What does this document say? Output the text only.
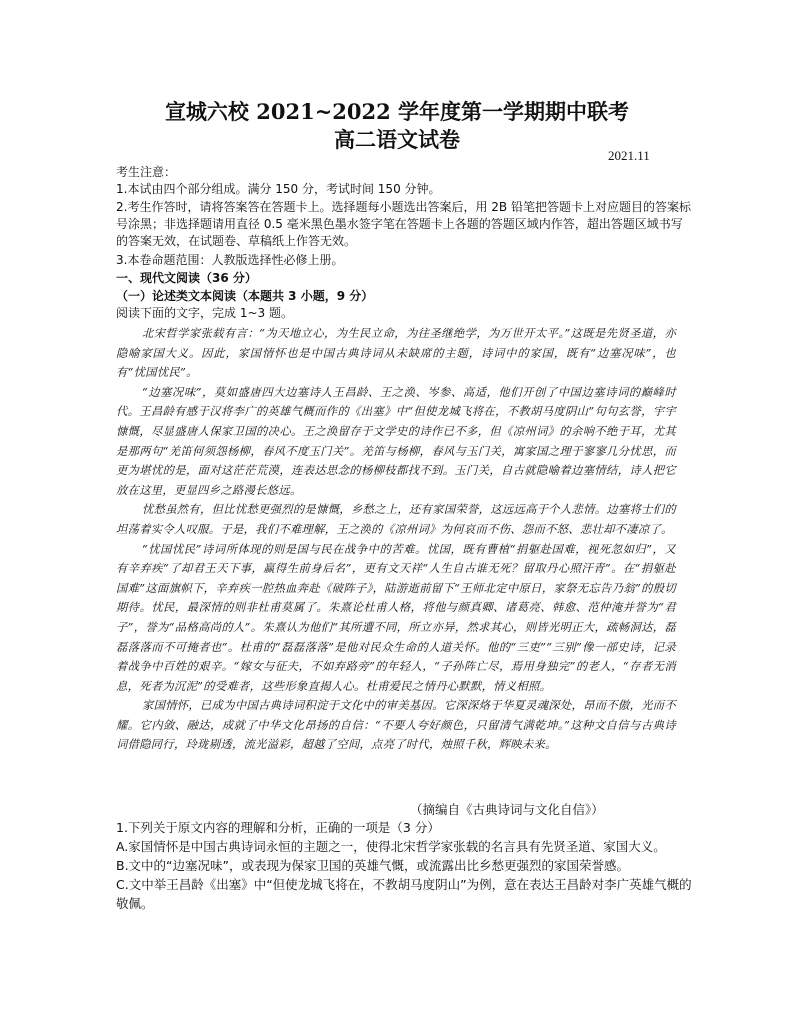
宣城六校 2021~2022 学年度第一学期期中联考
高二语文试卷
2021.11
考生注意：
1.本试由四个部分组成。满分 150 分，考试时间 150 分钟。
2.考生作答时，请将答案答在答题卡上。选择题每小题选出答案后，用 2B 铅笔把答题卡上对应题目的答案标号涂黑；非选择题请用直径 0.5 毫米黑色墨水签字笔在答题卡上各题的答题区域内作答，超出答题区域书写的答案无效，在试题卷、草稿纸上作答无效。
3.本卷命题范围：人教版选择性必修上册。
一、现代文阅读（36 分）
（一）论述类文本阅读（本题共 3 小题，9 分）
阅读下面的文字，完成 1~3 题。

北宋哲学家张载有言：“为天地立心，为生民立命，为往圣继绝学，为万世开太平。”这既是先贤圣道，亦隐喻家国大义。因此，家国情怀也是中国古典诗词从未缺席的主题，诗词中的家国，既有“边塞况味”，也有“忧国忧民”。

“边塞况味”，莫如盛唐四大边塞诗人王昌龄、王之涣、岑参、高适，他们开创了中国边塞诗词的巅峰时代。王昌龄有感于汉将李广的英雄气概而作的《出塞》中“但使龙城飞将在，不教胡马度阴山”句句玄誉，宇宇慷慨，尽显盛唐人保家卫国的决心。王之涣留存于文学史的诗作已不多，但《凉州词》的余响不绝于耳，尤其是那两句“羌笛何须怨杨柳，春风不度玉门关”。羌笛与杨柳，春风与玉门关，寓家国之理于寥寥几分忧思，而更为堪忧的是，面对这茫茫荒漠，连表达思念的杨柳枝都找不到。玉门关，自古就隐喻着边塞情结，诗人把它放在这里，更显四乡之路漫长悠远。

忧愁虽然有，但比忧愁更强烈的是慷慨，乡愁之上，还有家国荣誉，这远远高于个人悲情。边塞将士们的坦荡着实令人叹服。于是，我们不难理解，王之涣的《凉州词》为何哀而不伤、怨而不怒、悲壮却不凄凉了。

“忧国忧民”诗词所体现的则是国与民在战争中的苦难。忧国，既有曹植“捐躯赴国难，视死忽如归”，又有辛弃疾“了却君王天下事，赢得生前身后名”，更有文天祥“人生自古谁无死？留取丹心照汗青”。在“捐躯赴国难”这面旗帜下，辛弃疾一腔热血奔赴《破阵子》，陆游逝前留下“王师北定中原日，家祭无忘告乃翁”的殷切期待。忧民，最深情的则非杜甫莫属了。朱熹论杜甫人格，将他与颜真卿、诸葛亮、韩愈、范仲淹并誉为“君子”，誉为“品格高尚的人”。朱熹认为他们“其所遭不同，所立亦异，然求其心，则皆光明正大，疏畅洞达，磊磊落落而不可掩者也”。杜甫的“磊磊落落”是他对民众生命的人道关怀。他的“三吏”“三别”像一部史诗，记录着战争中百姓的艰辛。“嫁女与征夫，不如弃路旁”的年轻人，“子孙阵亡尽，焉用身独完”的老人，“存者无消息，死者为沉泥”的受难者，这些形象直揭人心。杜甫爱民之情丹心默默，情义相照。

家国情怀，已成为中国古典诗词积淀于文化中的审美基因。它深深烙于华夏灵魂深处，昂而不傲，光而不耀。它内敛、融达，成就了中华文化昂扬的自信：“不要人夸好颜色，只留清气满乾坤。”这种文自信与古典诗词借隐同行，玲珑剔透，流光溢彩，超越了空间，点亮了时代，烛照千秋，辉映未来。

（摘编自《古典诗词与文化自信》）
1.下列关于原文内容的理解和分析，正确的一项是（3 分）
A.家国情怀是中国古典诗词永恒的主题之一，使得北宋哲学家张载的名言具有先贤圣道、家国大义。
B.文中的“边塞况味”，或表现为保家卫国的英雄气慨，或流露出比乡愁更强烈的家国荣誉感。
C.文中举王昌龄《出塞》中“但使龙城飞将在，不教胡马度阴山”为例，意在表达王昌龄对李广英雄气概的敬佩。
